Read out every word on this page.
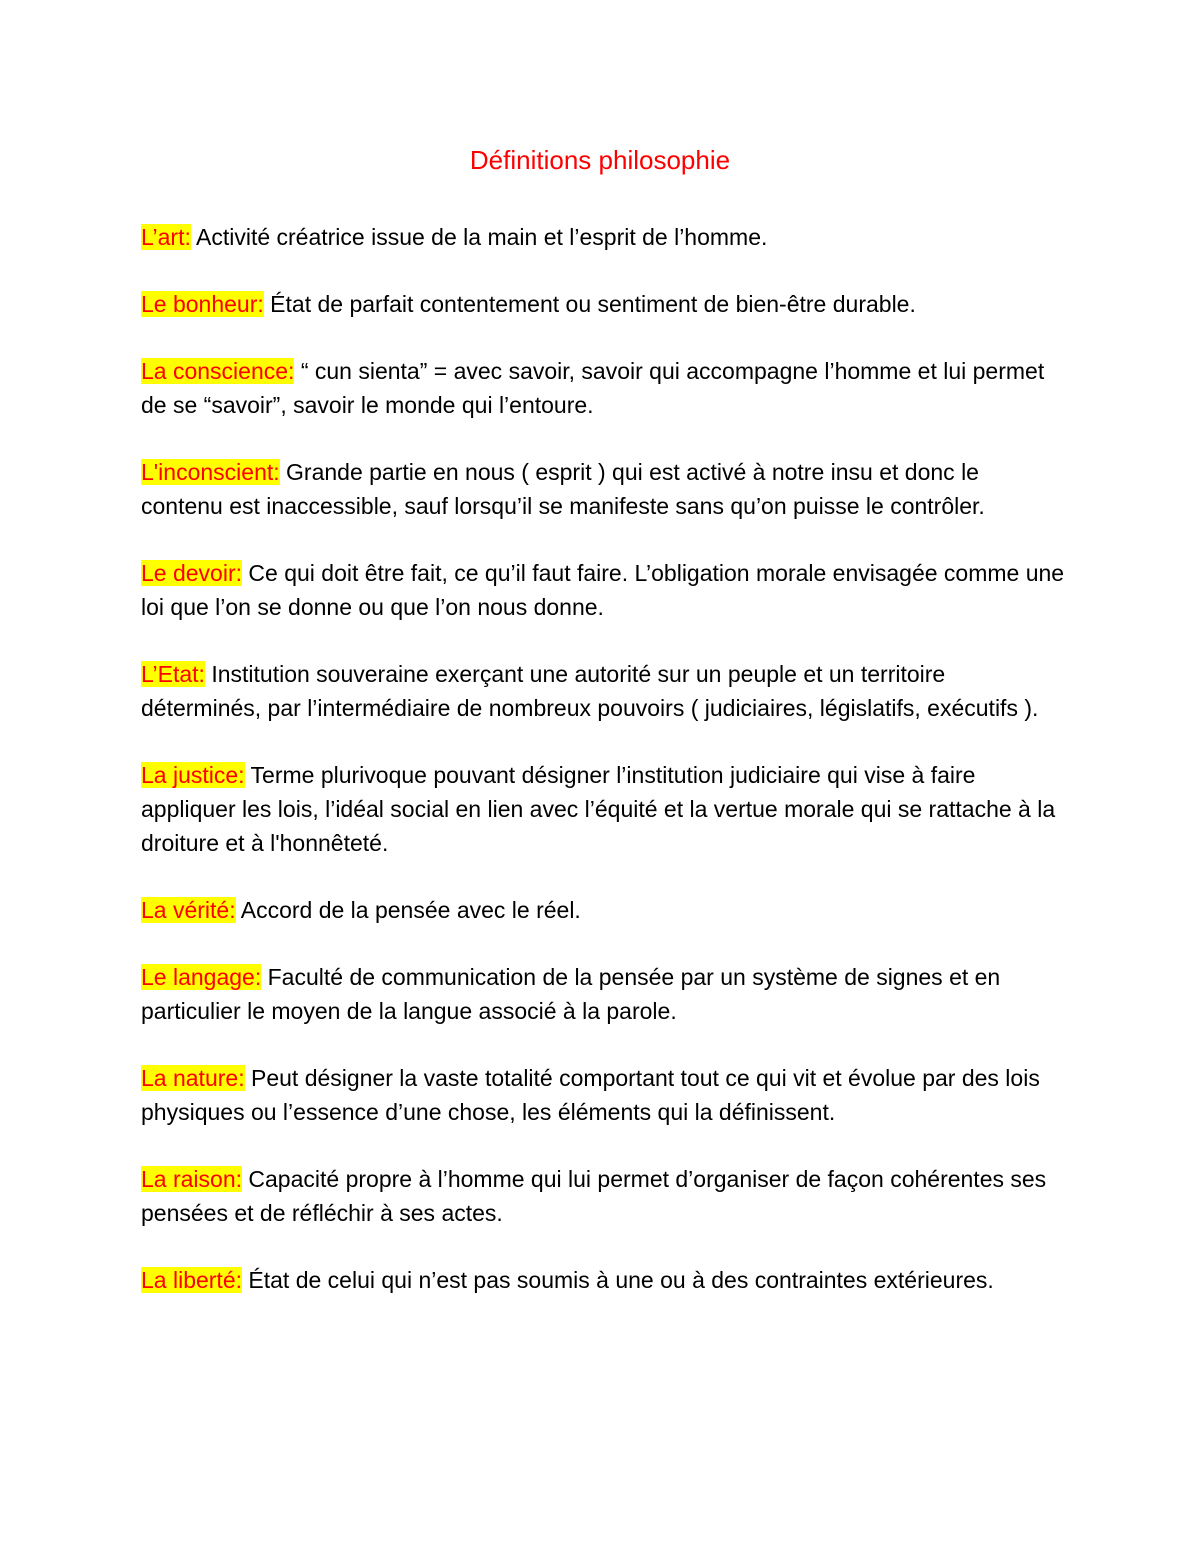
Définitions philosophie

L’art: Activité créatrice issue de la main et l’esprit de l’homme.

Le bonheur: État de parfait contentement ou sentiment de bien-être durable.

La conscience: “ cun sienta” = avec savoir, savoir qui accompagne l’homme et lui permet de se “savoir”, savoir le monde qui l’entoure.

L'inconscient: Grande partie en nous ( esprit ) qui est activé à notre insu et donc le contenu est inaccessible, sauf lorsqu’il se manifeste sans qu’on puisse le contrôler.

Le devoir: Ce qui doit être fait, ce qu’il faut faire. L’obligation morale envisagée comme une loi que l’on se donne ou que l’on nous donne.

L’Etat: Institution souveraine exerçant une autorité sur un peuple et un territoire déterminés, par l’intermédiaire de nombreux pouvoirs ( judiciaires, législatifs, exécutifs ).

La justice: Terme plurivoque pouvant désigner l’institution judiciaire qui vise à faire appliquer les lois, l’idéal social en lien avec l’équité et la vertue morale qui se rattache à la droiture et à l'honnêteté.

La vérité: Accord de la pensée avec le réel.

Le langage: Faculté de communication de la pensée par un système de signes et en particulier le moyen de la langue associé à la parole.

La nature: Peut désigner la vaste totalité comportant tout ce qui vit et évolue par des lois physiques ou l’essence d’une chose, les éléments qui la définissent.

La raison: Capacité propre à l’homme qui lui permet d’organiser de façon cohérentes ses pensées et de réfléchir à ses actes.

La liberté: État de celui qui n’est pas soumis à une ou à des contraintes extérieures.
